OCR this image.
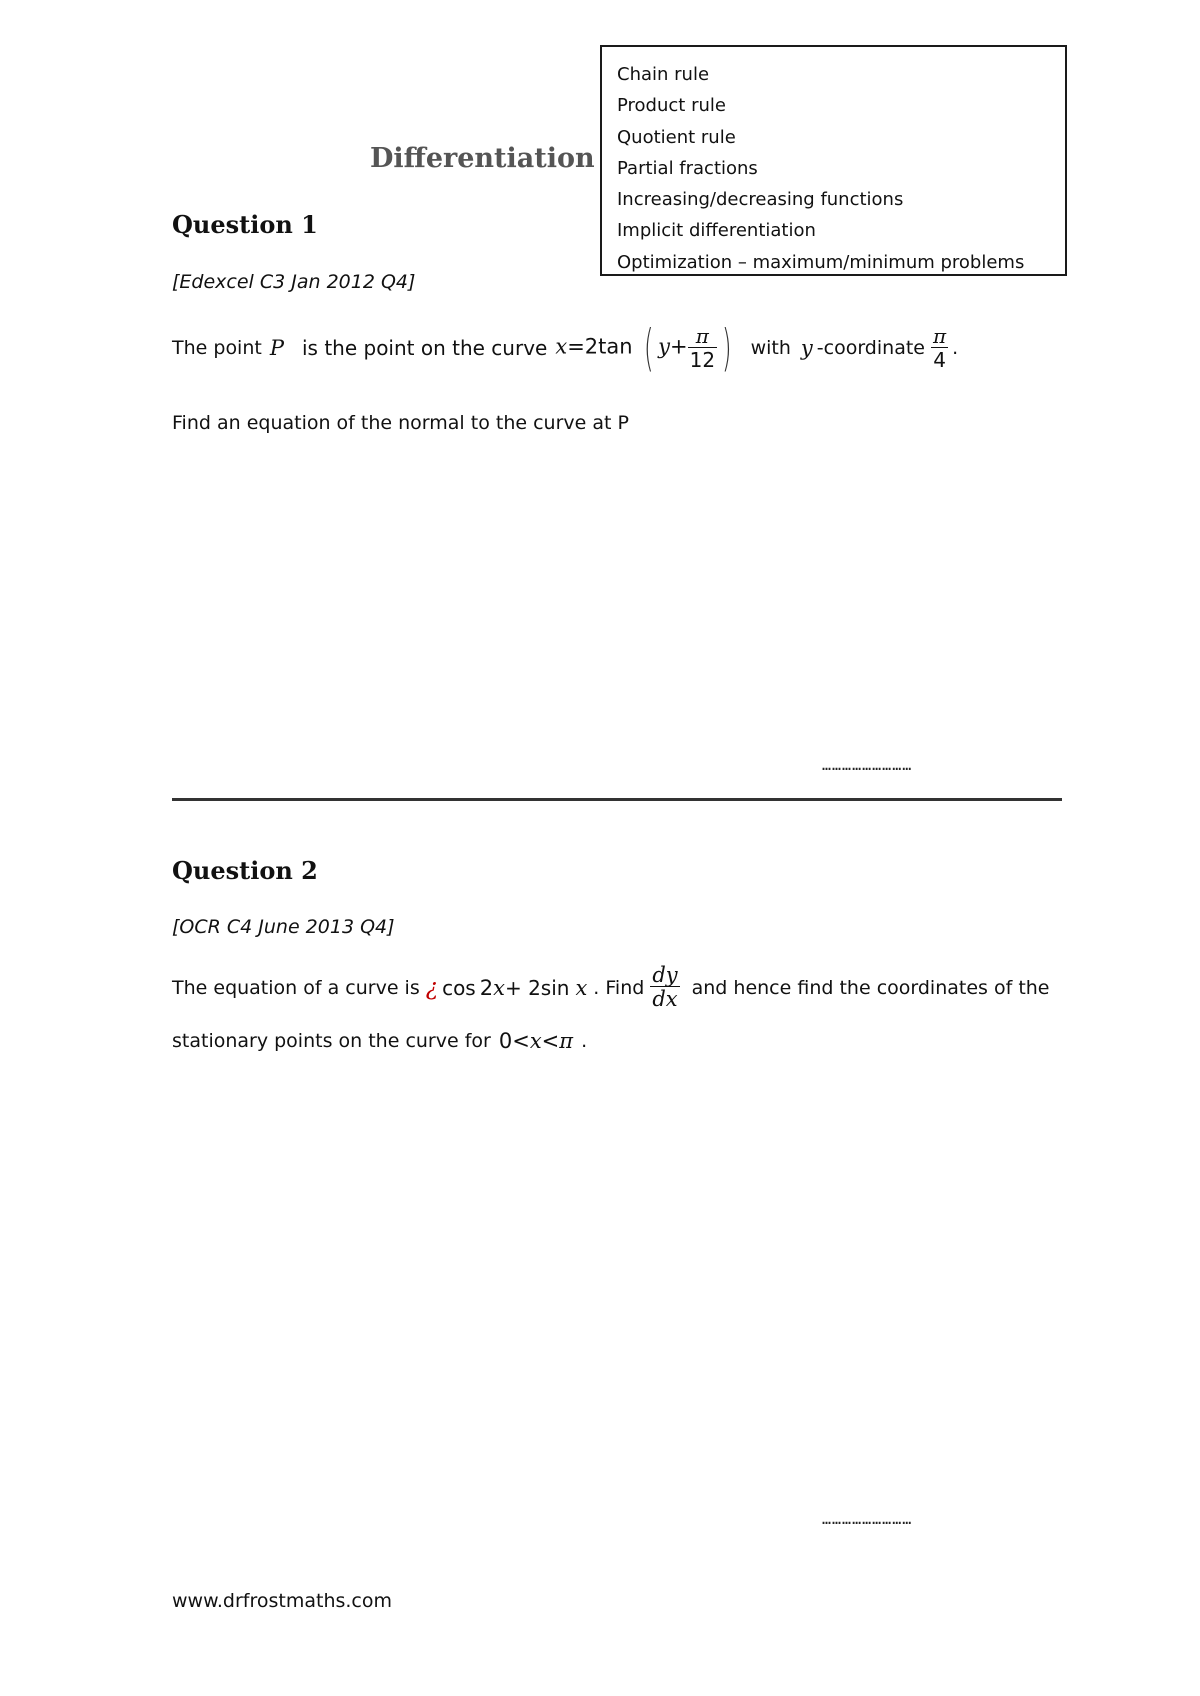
Chain rule
Product rule
Quotient rule
Partial fractions
Increasing/decreasing functions
Implicit differentiation
Optimization – maximum/minimum problems
Differentiation
Question 1
[Edexcel C3 Jan 2012 Q4]
The point P is the point on the curve x=2tan ( $y+ \frac{\pi}{12}$ ) with y -coordinate $\frac{\pi}{4}$ .
Find an equation of the normal to the curve at P
………………………
Question 2
[OCR C4 June 2013 Q4]
The equation of a curve is ¿ cos 2 x + 2sin x . Find $\frac{dy}{dx}$ and hence find the coordinates of the
stationary points on the curve for 0< x < π .
………………………
www.drfrostmaths.com
